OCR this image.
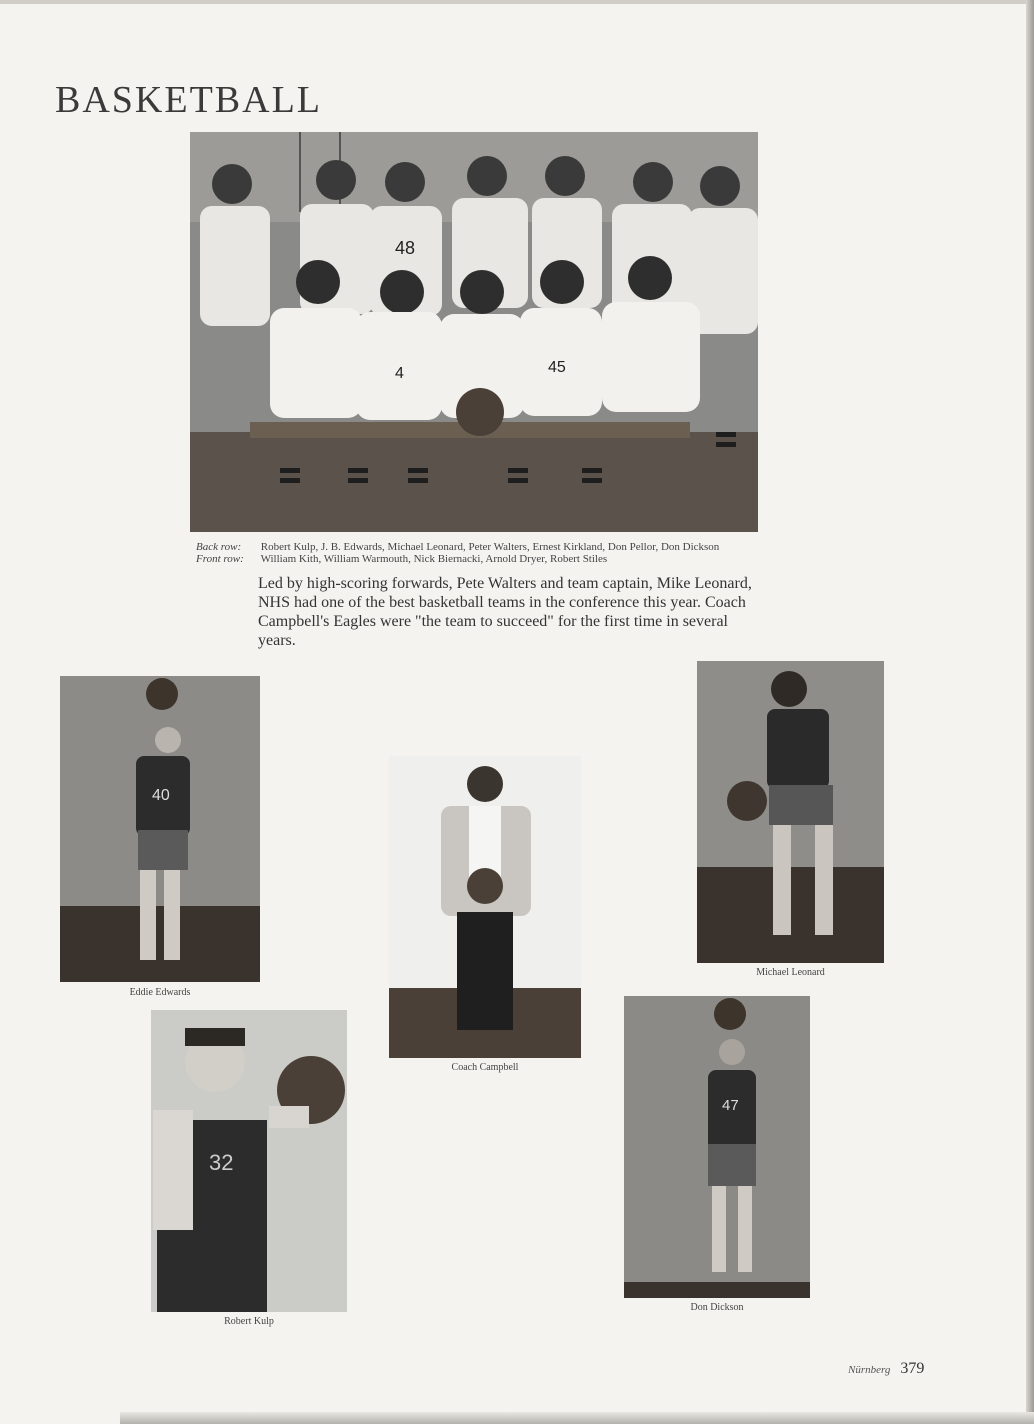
BASKETBALL
48
4	45
Back row: Robert Kulp, J. B. Edwards, Michael Leonard, Peter Walters, Ernest Kirkland, Don Pellor, Don Dickson
Front row: William Kith, William Warmouth, Nick Biernacki, Arnold Dryer, Robert Stiles

Led by high-scoring forwards, Pete Walters and team captain, Mike Leonard, NHS had one of the best basketball teams in the conference this year. Coach Campbell's Eagles were "the team to succeed" for the first time in several years.

40
Eddie Edwards
Coach Campbell
Michael Leonard
32
Robert Kulp
47
Don Dickson
Nürnberg 379
